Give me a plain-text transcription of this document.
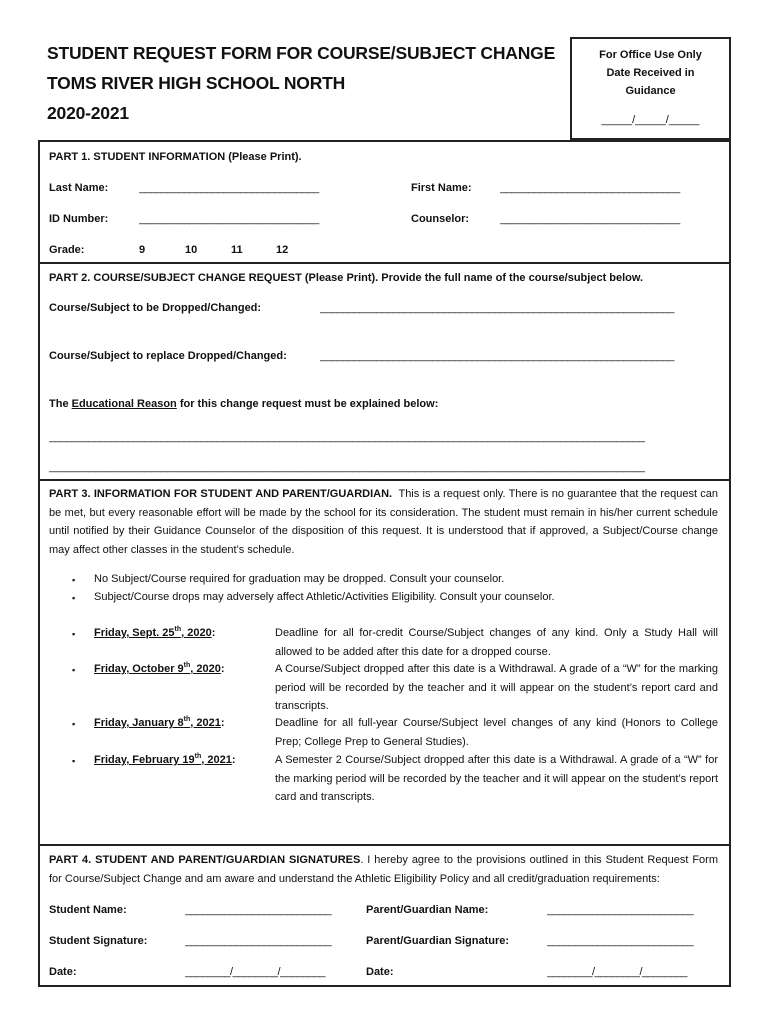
STUDENT REQUEST FORM FOR COURSE/SUBJECT CHANGE
TOMS RIVER HIGH SCHOOL NORTH
2020-2021
For Office Use Only
Date Received in
Guidance
_____/_____/_____
PART 1. STUDENT INFORMATION (Please Print).
Last Name:	________________________________	First Name:	________________________________
ID Number:	________________________________	Counselor:	________________________________
Grade:	9	10	11	12
PART 2. COURSE/SUBJECT CHANGE REQUEST (Please Print). Provide the full name of the course/subject below.
Course/Subject to be Dropped/Changed:	_______________________________________________________________
Course/Subject to replace Dropped/Changed:	_______________________________________________________________
The Educational Reason for this change request must be explained below:
__________________________________________________________________________________________________________
__________________________________________________________________________________________________________
PART 3. INFORMATION FOR STUDENT AND PARENT/GUARDIAN. This is a request only. There is no guarantee that the request can be met, but every reasonable effort will be made by the school for its consideration. The student must remain in his/her current schedule until notified by their Guidance Counselor of the disposition of this request. It is understood that if approved, a Subject/Course change may affect other classes in the student’s schedule.
▪ No Subject/Course required for graduation may be dropped. Consult your counselor.
▪ Subject/Course drops may adversely affect Athletic/Activities Eligibility. Consult your counselor.
▪ Friday, Sept. 25th, 2020:	Deadline for all for-credit Course/Subject changes of any kind. Only a Study Hall will allowed to be added after this date for a dropped course.
▪ Friday, October 9th, 2020:	A Course/Subject dropped after this date is a Withdrawal. A grade of a “W” for the marking period will be recorded by the teacher and it will appear on the student’s report card and transcripts.
▪ Friday, January 8th, 2021:	Deadline for all full-year Course/Subject level changes of any kind (Honors to College Prep; College Prep to General Studies).
▪ Friday, February 19th, 2021:	A Semester 2 Course/Subject dropped after this date is a Withdrawal. A grade of a “W” for the marking period will be recorded by the teacher and it will appear on the student’s report card and transcripts.
PART 4. STUDENT AND PARENT/GUARDIAN SIGNATURES. I hereby agree to the provisions outlined in this Student Request Form for Course/Subject Change and am aware and understand the Athletic Eligibility Policy and all credit/graduation requirements:
Student Name:	__________________________	Parent/Guardian Name:	__________________________
Student Signature:	__________________________	Parent/Guardian Signature:	__________________________
Date:	________/________/________	Date:	________/________/________
